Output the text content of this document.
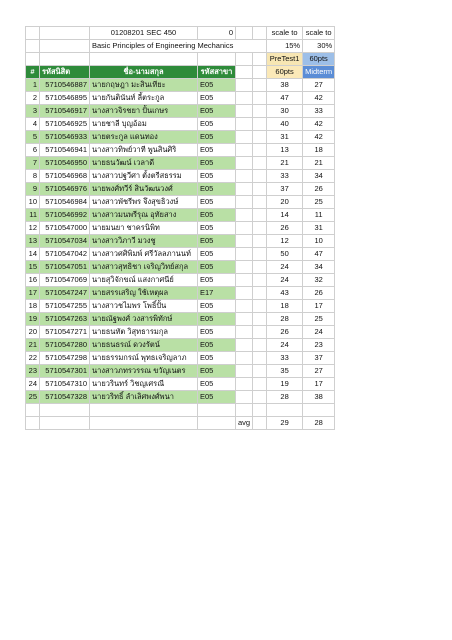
		01208201 SEC 450	0			scale to	scale to
		Basic Principles of Engineering Mechanics				15%	30%
						PreTest1	60pts
#	รหัสนิสิต	ชื่อ-นามสกุล	รหัสสาขา			60pts	Midterm
1	5710546887	นายกฤษฎา มะสินเทียะ	E05			38	27
2	5710546895	นายกันตินันท์ ลี้ตระกูล	E05			47	42
3	5710546917	นางสาวจิรชยา ปั้นเกษร	E05			30	33
4	5710546925	นายชาลี บุญอ้อม	E05			40	42
5	5710546933	นายตระกูล แดนทอง	E05			31	42
6	5710546941	นางสาวทิพย์วาที พูนสินศิริ	E05			13	18
7	5710546950	นายธนวัฒน์ เวลาดี	E05			21	21
8	5710546968	นางสาวปฐวีศา ตั้งตรีสธรรม	E05			33	34
9	5710546976	นายพงศ์ทวีร์ สินวัฒนวงศ์	E05			37	26
10	5710546984	นางสาวพัชรีพร จึงสุขธิวงษ์	E05			20	25
11	5710546992	นางสาวมนพรีรุณ อุทัยสาง	E05			14	11
12	5710547000	นายมนยา ชาครนิพิท	E05			26	31
13	5710547034	นางสาววิภาวี มวงชู	E05			12	10
14	5710547042	นางสาวศศิพิมพ์ ศรีวัลลภานนท์	E05			50	47
15	5710547051	นางสาวสุทธิชา เจริญวิทย์สกุล	E05			24	34
16	5710547069	นายสุวิจักขณ์ แสงกาศนีย์	E05			24	32
17	5710547247	นายสรรเสริญ ใช้เหตุผล	E17			43	26
18	5710547255	นางสาวชไมพร โพธิ์ปั้น	E05			18	17
19	5710547263	นายณัฐพงศ์ วงสารพิทักษ์	E05			28	25
20	5710547271	นายธนทัต วิสุทธารมกุล	E05			26	24
21	5710547280	นายธนธรณ์ ดวงรัตน์	E05			24	23
22	5710547298	นายธรรมกรณ์ พุทธเจริญลาภ	E05			33	37
23	5710547301	นางสาวภทรวรรณ ขวัญเนตร	E05			35	27
24	5710547310	นายวรินทร์ วิชญเศรณี	E05			19	17
25	5710547328	นายวริทธิ์ ลำเลิศพงศ์พนา	E05			28	38

				avg		29	28
